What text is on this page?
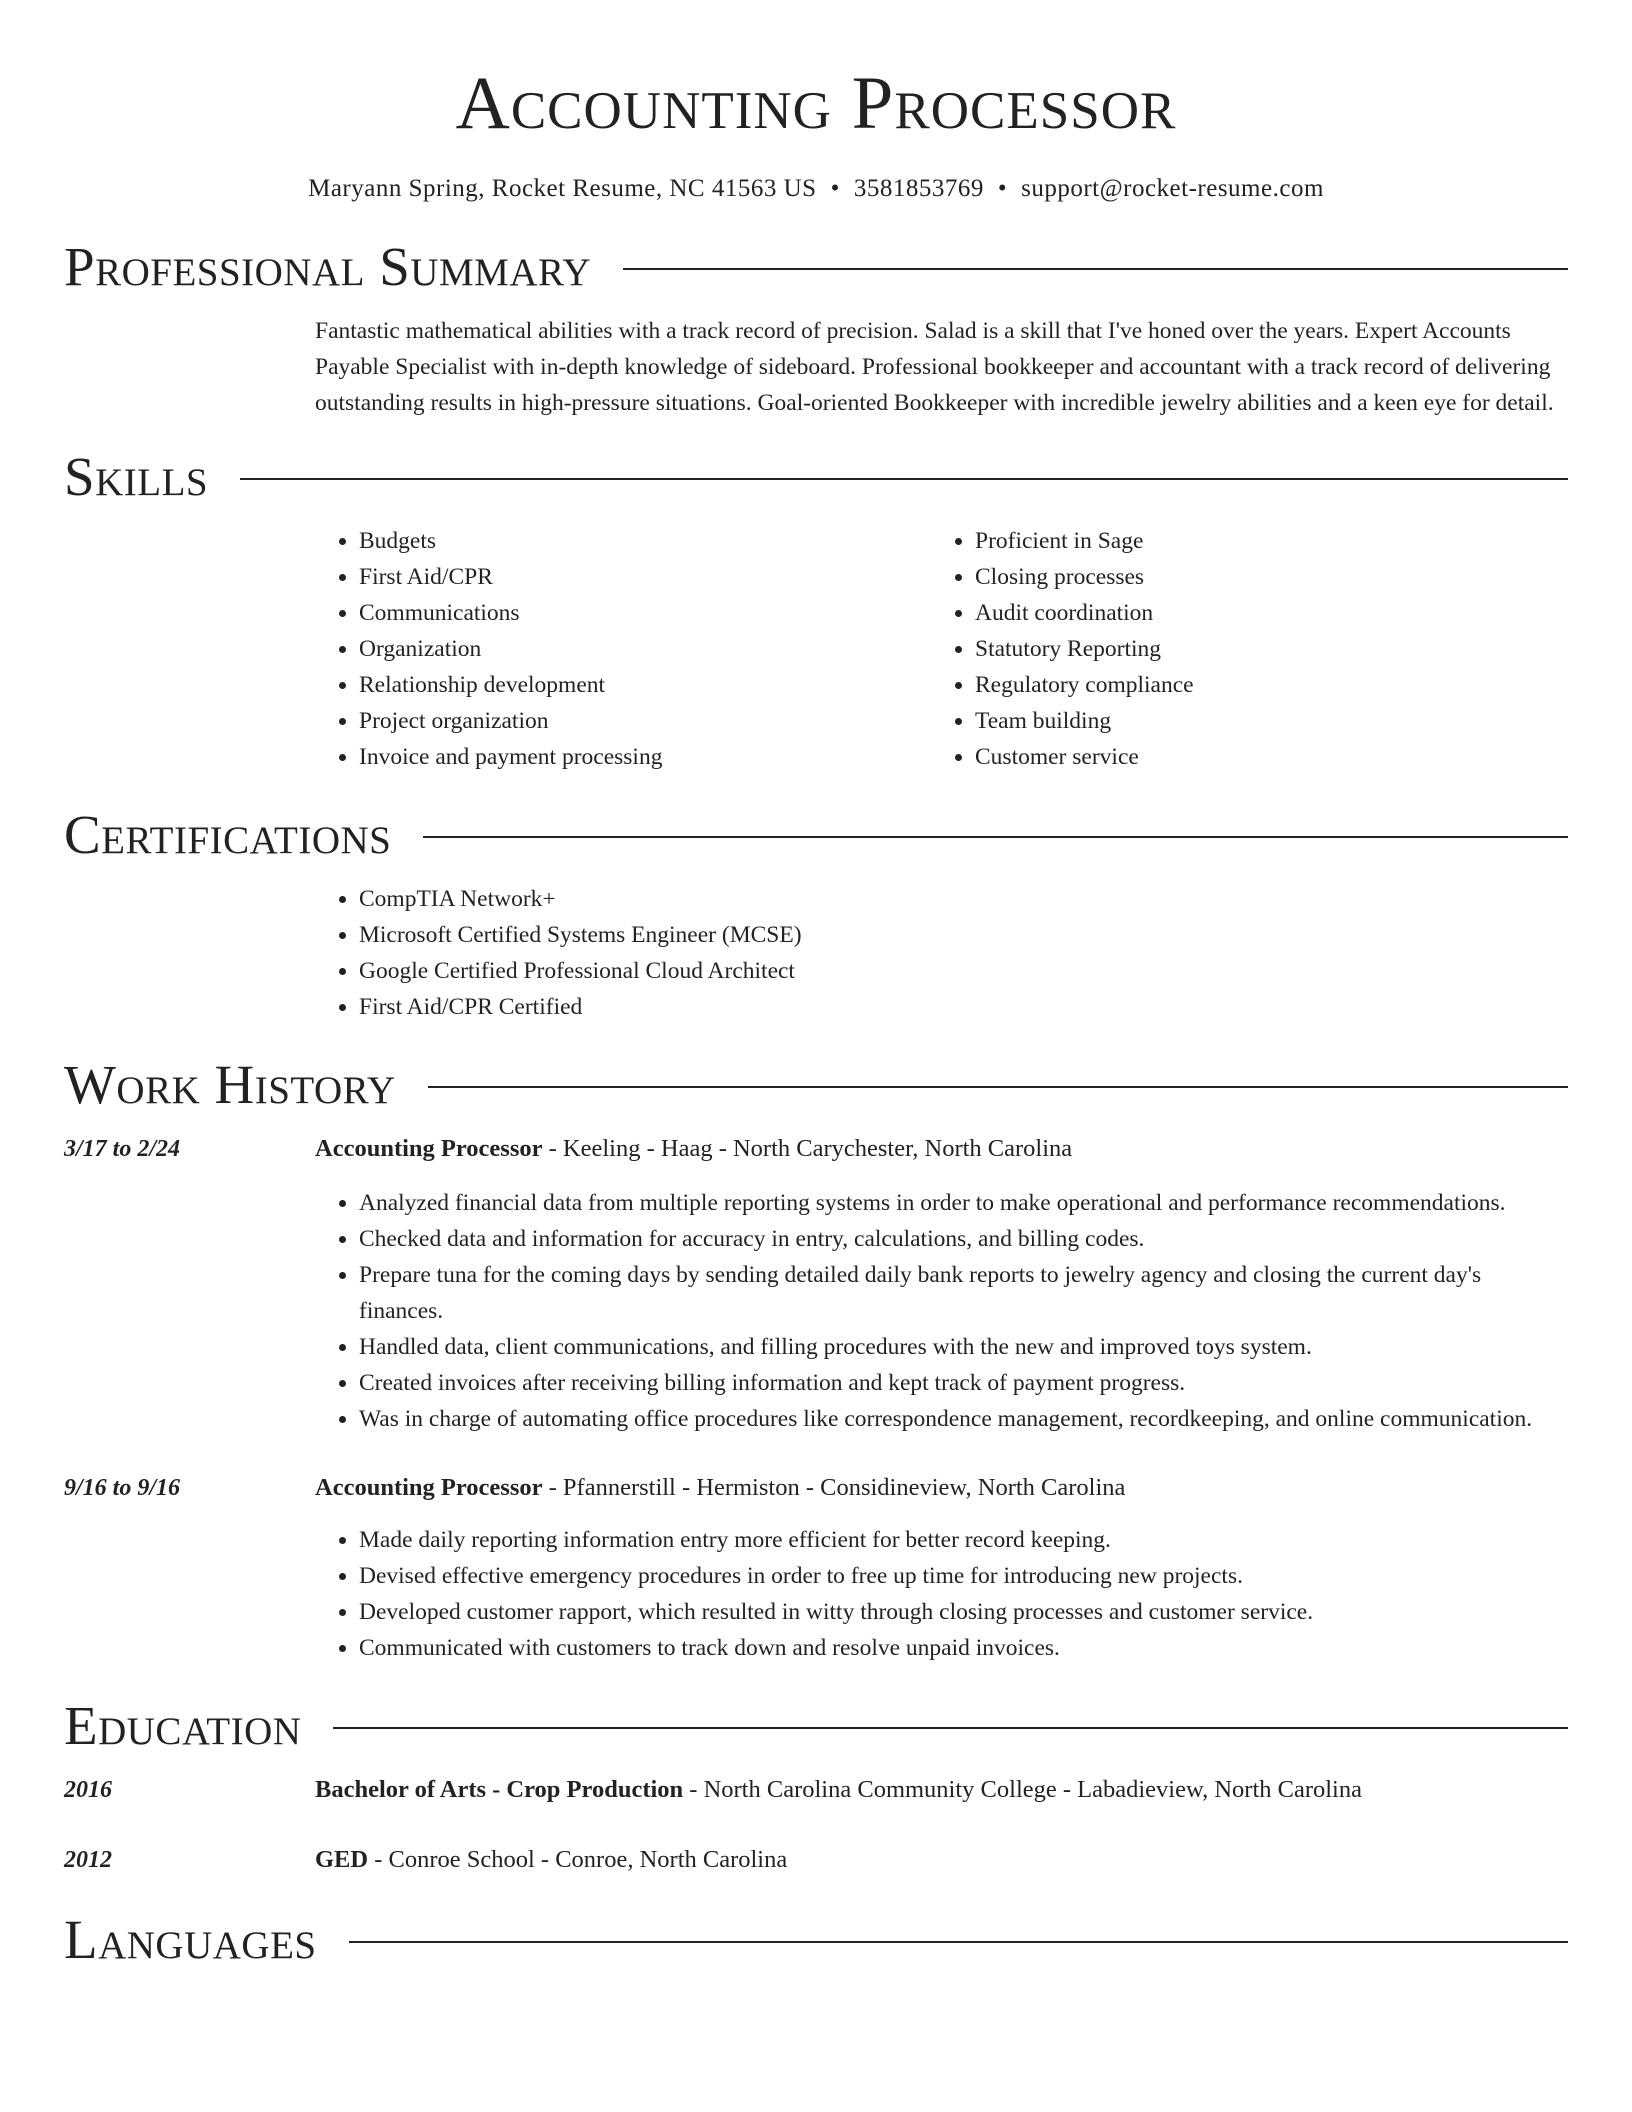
Accounting Processor
Maryann Spring, Rocket Resume, NC 41563 US • 3581853769 • support@rocket-resume.com
Professional Summary

Fantastic mathematical abilities with a track record of precision. Salad is a skill that I've honed over the years. Expert Accounts Payable Specialist with in-depth knowledge of sideboard. Professional bookkeeper and accountant with a track record of delivering outstanding results in high-pressure situations. Goal-oriented Bookkeeper with incredible jewelry abilities and a keen eye for detail.

Skills
• Budgets
• First Aid/CPR
• Communications
• Organization
• Relationship development
• Project organization
• Invoice and payment processing
• Proficient in Sage
• Closing processes
• Audit coordination
• Statutory Reporting
• Regulatory compliance
• Team building
• Customer service
Certifications
• CompTIA Network+
• Microsoft Certified Systems Engineer (MCSE)
• Google Certified Professional Cloud Architect
• First Aid/CPR Certified
Work History
3/17 to 2/24	Accounting Processor - Keeling - Haag - North Carychester, North Carolina
• Analyzed financial data from multiple reporting systems in order to make operational and performance recommendations.
• Checked data and information for accuracy in entry, calculations, and billing codes.
• Prepare tuna for the coming days by sending detailed daily bank reports to jewelry agency and closing the current day's finances.
• Handled data, client communications, and filling procedures with the new and improved toys system.
• Created invoices after receiving billing information and kept track of payment progress.
• Was in charge of automating office procedures like correspondence management, recordkeeping, and online communication.
9/16 to 9/16	Accounting Processor - Pfannerstill - Hermiston - Considineview, North Carolina
• Made daily reporting information entry more efficient for better record keeping.
• Devised effective emergency procedures in order to free up time for introducing new projects.
• Developed customer rapport, which resulted in witty through closing processes and customer service.
• Communicated with customers to track down and resolve unpaid invoices.
Education
2016	Bachelor of Arts - Crop Production - North Carolina Community College - Labadieview, North Carolina
2012	GED - Conroe School - Conroe, North Carolina
Languages
